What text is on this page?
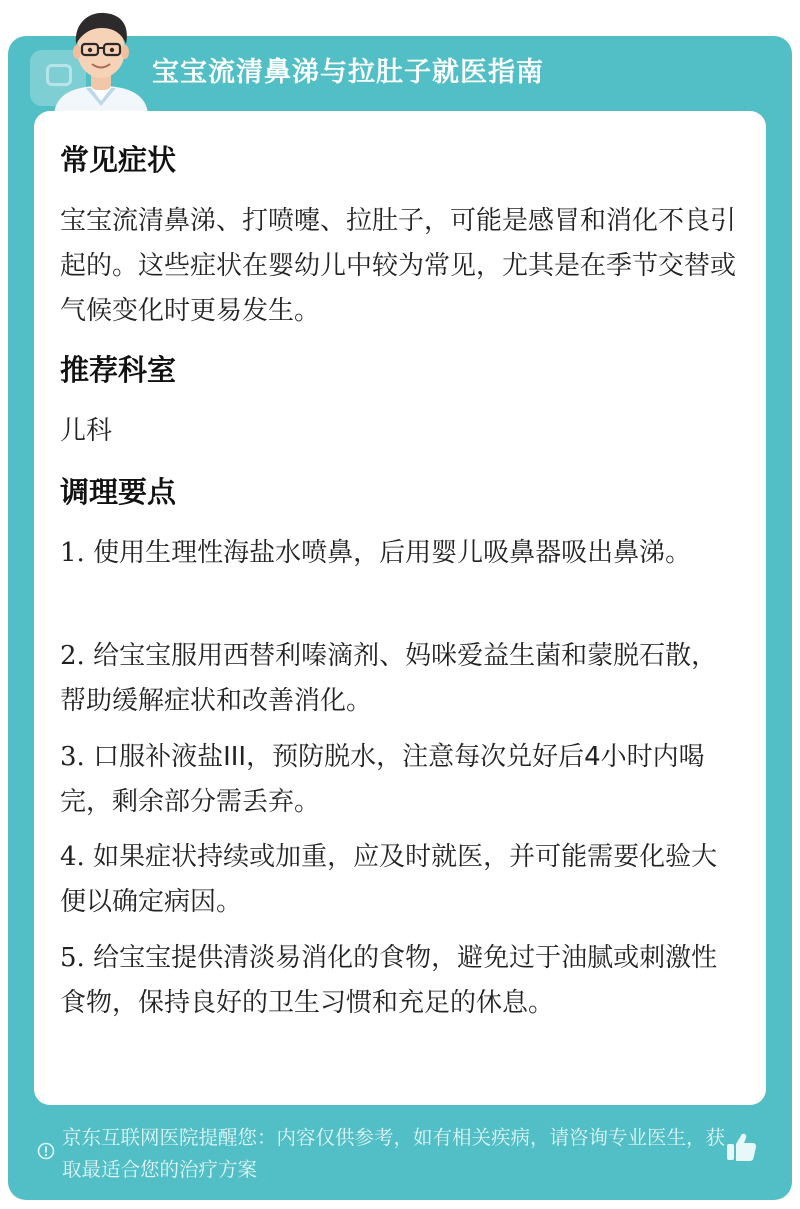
宝宝流清鼻涕与拉肚子就医指南
常见症状
宝宝流清鼻涕、打喷嚏、拉肚子，可能是感冒和消化不良引起的。这些症状在婴幼儿中较为常见，尤其是在季节交替或气候变化时更易发生。
推荐科室
儿科
调理要点
1. 使用生理性海盐水喷鼻，后用婴儿吸鼻器吸出鼻涕。
2. 给宝宝服用西替利嗪滴剂、妈咪爱益生菌和蒙脱石散，帮助缓解症状和改善消化。
3. 口服补液盐III，预防脱水，注意每次兑好后4小时内喝完，剩余部分需丢弃。
4. 如果症状持续或加重，应及时就医，并可能需要化验大便以确定病因。
5. 给宝宝提供清淡易消化的食物，避免过于油腻或刺激性食物，保持良好的卫生习惯和充足的休息。
京东互联网医院提醒您：内容仅供参考，如有相关疾病，请咨询专业医生，获取最适合您的治疗方案
